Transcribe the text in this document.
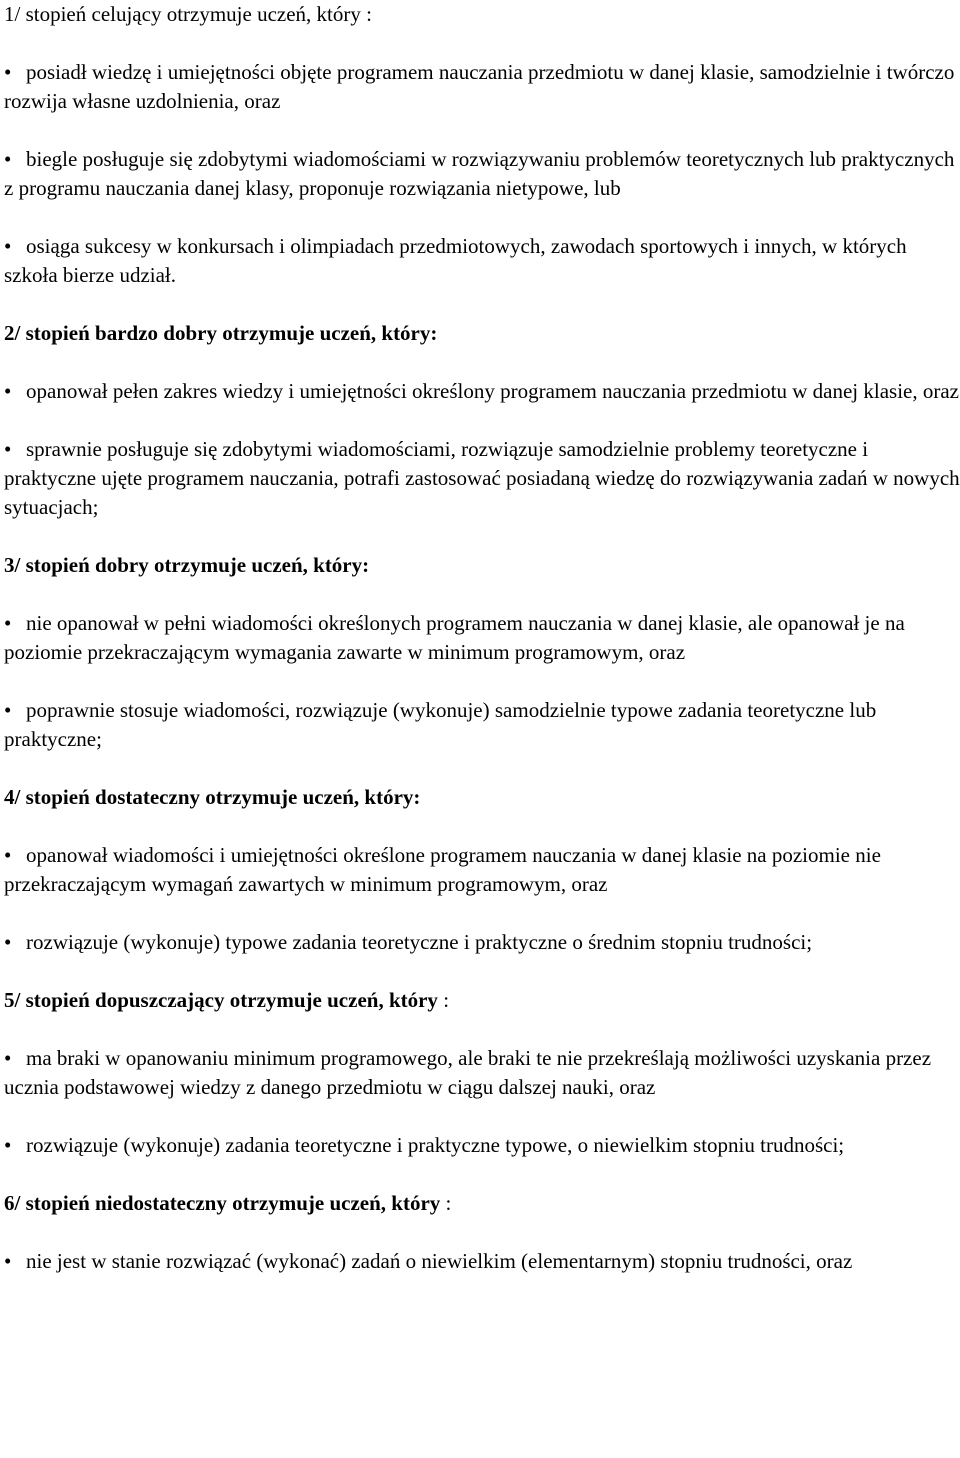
1/ stopień celujący otrzymuje uczeń, który :

• posiadł wiedzę i umiejętności objęte programem nauczania przedmiotu w danej klasie, samodzielnie i twórczo rozwija własne uzdolnienia, oraz

• biegle posługuje się zdobytymi wiadomościami w rozwiązywaniu problemów teoretycznych lub praktycznych z programu nauczania danej klasy, proponuje rozwiązania nietypowe, lub

• osiąga sukcesy w konkursach i olimpiadach przedmiotowych, zawodach sportowych i innych, w których szkoła bierze udział.

2/ stopień bardzo dobry otrzymuje uczeń, który:

• opanował pełen zakres wiedzy i umiejętności określony programem nauczania przedmiotu w danej klasie, oraz

• sprawnie posługuje się zdobytymi wiadomościami, rozwiązuje samodzielnie problemy teoretyczne i praktyczne ujęte programem nauczania, potrafi zastosować posiadaną wiedzę do rozwiązywania zadań w nowych sytuacjach;

3/ stopień dobry otrzymuje uczeń, który:

• nie opanował w pełni wiadomości określonych programem nauczania w danej klasie, ale opanował je na poziomie przekraczającym wymagania zawarte w minimum programowym, oraz

• poprawnie stosuje wiadomości, rozwiązuje (wykonuje) samodzielnie typowe zadania teoretyczne lub praktyczne;

4/ stopień dostateczny otrzymuje uczeń, który:

• opanował wiadomości i umiejętności określone programem nauczania w danej klasie na poziomie nie przekraczającym wymagań zawartych w minimum programowym, oraz

• rozwiązuje (wykonuje) typowe zadania teoretyczne i praktyczne o średnim stopniu trudności;

5/ stopień dopuszczający otrzymuje uczeń, który :

• ma braki w opanowaniu minimum programowego, ale braki te nie przekreślają możliwości uzyskania przez ucznia podstawowej wiedzy z danego przedmiotu w ciągu dalszej nauki, oraz

• rozwiązuje (wykonuje) zadania teoretyczne i praktyczne typowe, o niewielkim stopniu trudności;

6/ stopień niedostateczny otrzymuje uczeń, który :

• nie jest w stanie rozwiązać (wykonać) zadań o niewielkim (elementarnym) stopniu trudności, oraz
